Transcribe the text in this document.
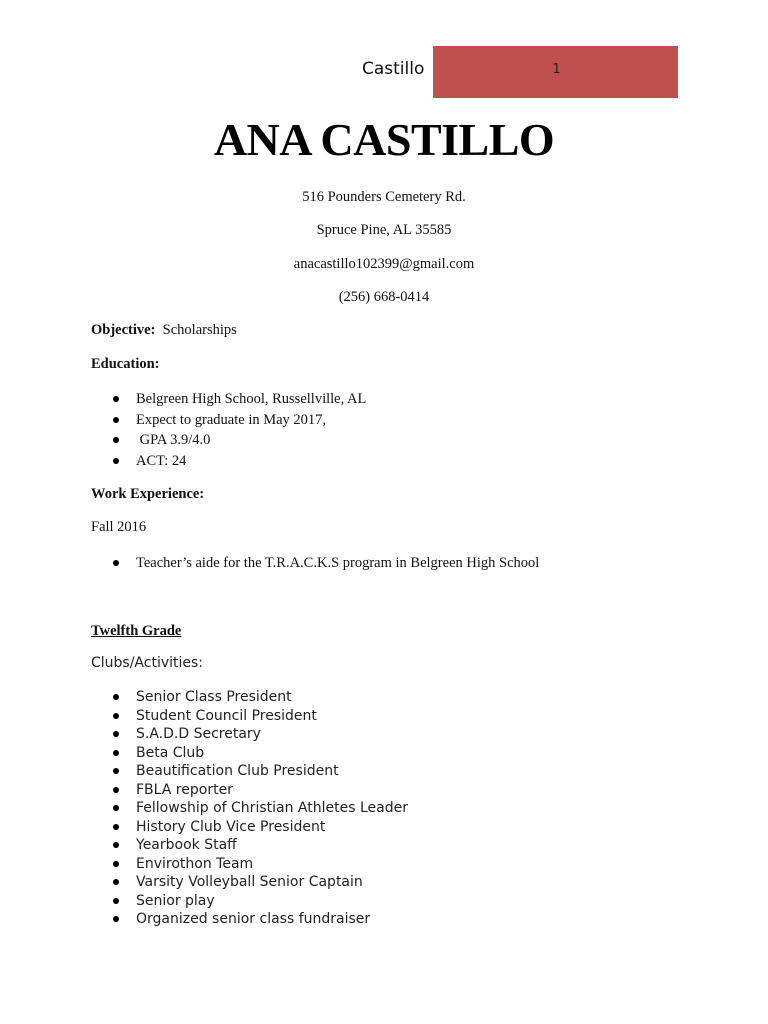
Castillo	1
ANA CASTILLO
516 Pounders Cemetery Rd.
Spruce Pine, AL 35585
anacastillo102399@gmail.com
(256) 668-0414
Objective: Scholarships
Education:
Belgreen High School, Russellville, AL
Expect to graduate in May 2017,
GPA 3.9/4.0
ACT: 24
Work Experience:
Fall 2016
Teacher’s aide for the T.R.A.C.K.S program in Belgreen High School
Twelfth Grade
Clubs/Activities:
Senior Class President
Student Council President
S.A.D.D Secretary
Beta Club
Beautification Club President
FBLA reporter
Fellowship of Christian Athletes Leader
History Club Vice President
Yearbook Staff
Envirothon Team
Varsity Volleyball Senior Captain
Senior play
Organized senior class fundraiser
